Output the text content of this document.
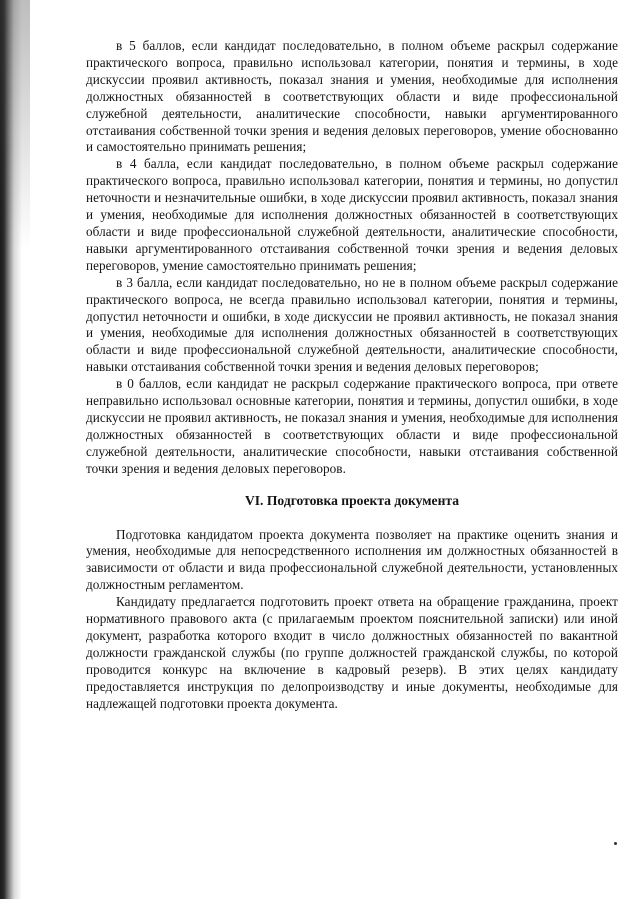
в 5 баллов, если кандидат последовательно, в полном объеме раскрыл содержание практического вопроса, правильно использовал категории, понятия и термины, в ходе дискуссии проявил активность, показал знания и умения, необходимые для исполнения должностных обязанностей в соответствующих области и виде профессиональной служебной деятельности, аналитические способности, навыки аргументированного отстаивания собственной точки зрения и ведения деловых переговоров, умение обоснованно и самостоятельно принимать решения;

в 4 балла, если кандидат последовательно, в полном объеме раскрыл содержание практического вопроса, правильно использовал категории, понятия и термины, но допустил неточности и незначительные ошибки, в ходе дискуссии проявил активность, показал знания и умения, необходимые для исполнения должностных обязанностей в соответствующих области и виде профессиональной служебной деятельности, аналитические способности, навыки аргументированного отстаивания собственной точки зрения и ведения деловых переговоров, умение самостоятельно принимать решения;

в 3 балла, если кандидат последовательно, но не в полном объеме раскрыл содержание практического вопроса, не всегда правильно использовал категории, понятия и термины, допустил неточности и ошибки, в ходе дискуссии не проявил активность, не показал знания и умения, необходимые для исполнения должностных обязанностей в соответствующих области и виде профессиональной служебной деятельности, аналитические способности, навыки отстаивания собственной точки зрения и ведения деловых переговоров;

в 0 баллов, если кандидат не раскрыл содержание практического вопроса, при ответе неправильно использовал основные категории, понятия и термины, допустил ошибки, в ходе дискуссии не проявил активность, не показал знания и умения, необходимые для исполнения должностных обязанностей в соответствующих области и виде профессиональной служебной деятельности, аналитические способности, навыки отстаивания собственной точки зрения и ведения деловых переговоров.

VI. Подготовка проекта документа

Подготовка кандидатом проекта документа позволяет на практике оценить знания и умения, необходимые для непосредственного исполнения им должностных обязанностей в зависимости от области и вида профессиональной служебной деятельности, установленных должностным регламентом.

Кандидату предлагается подготовить проект ответа на обращение гражданина, проект нормативного правового акта (с прилагаемым проектом пояснительной записки) или иной документ, разработка которого входит в число должностных обязанностей по вакантной должности гражданской службы (по группе должностей гражданской службы, по которой проводится конкурс на включение в кадровый резерв). В этих целях кандидату предоставляется инструкция по делопроизводству и иные документы, необходимые для надлежащей подготовки проекта документа.
